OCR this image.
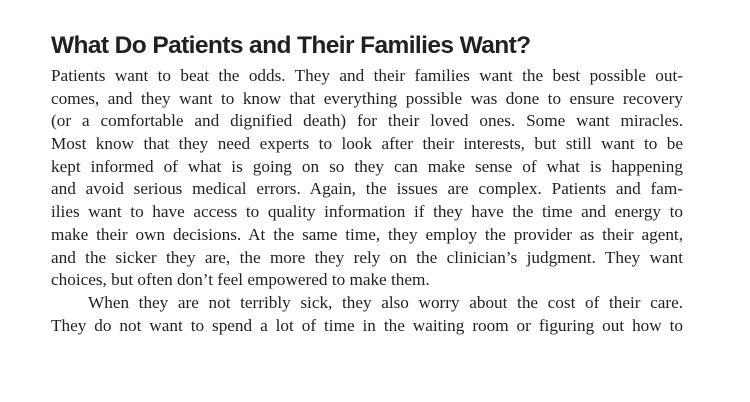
What Do Patients and Their Families Want?
Patients want to beat the odds. They and their families want the best possible out-
comes, and they want to know that everything possible was done to ensure recovery
(or a comfortable and dignified death) for their loved ones. Some want miracles.
Most know that they need experts to look after their interests, but still want to be
kept informed of what is going on so they can make sense of what is happening
and avoid serious medical errors. Again, the issues are complex. Patients and fam-
ilies want to have access to quality information if they have the time and energy to
make their own decisions. At the same time, they employ the provider as their agent,
and the sicker they are, the more they rely on the clinician’s judgment. They want
choices, but often don’t feel empowered to make them.
When they are not terribly sick, they also worry about the cost of their care.
They do not want to spend a lot of time in the waiting room or figuring out how to
